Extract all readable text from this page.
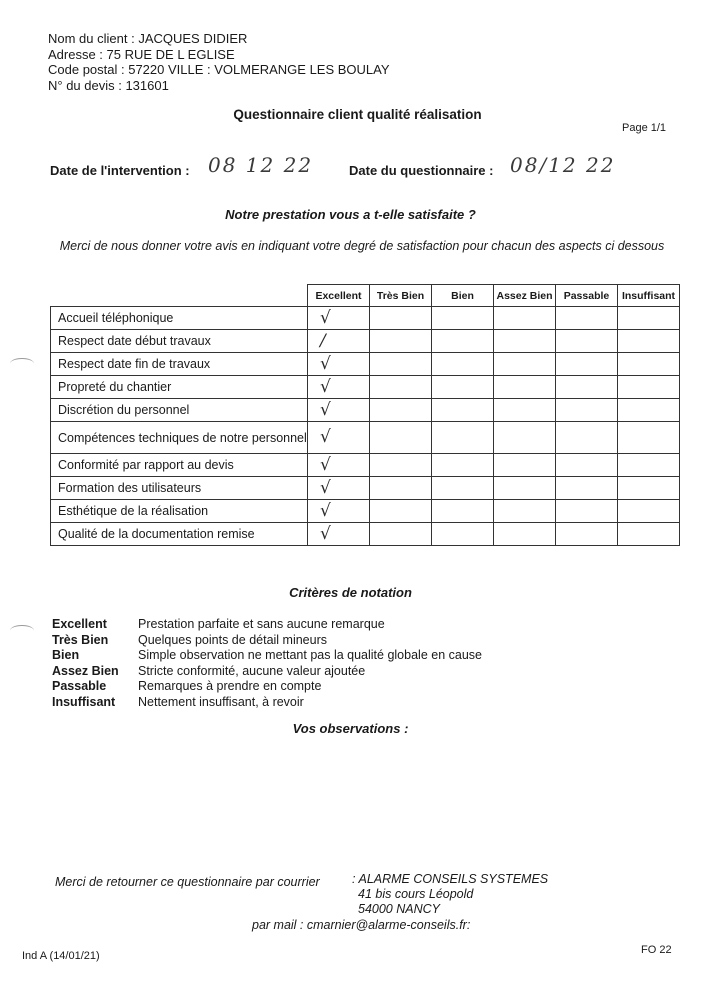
Nom du client : JACQUES DIDIER
Adresse : 75 RUE DE L EGLISE
Code postal : 57220 VILLE : VOLMERANGE LES BOULAY
N° du devis : 131601
Questionnaire client qualité réalisation
Page 1/1
Date de l'intervention : 08 12 22	Date du questionnaire : 08/12 22
Notre prestation vous a t-elle satisfaite ?
Merci de nous donner votre avis en indiquant votre degré de satisfaction pour chacun des aspects ci dessous
	Excellent	Très Bien	Bien	Assez Bien	Passable	Insuffisant
Accueil téléphonique	√					

Respect date début travaux	/					

Respect date fin de travaux	√					

Propreté du chantier	√					

Discrétion du personnel	√					

Compétences techniques de notre personnel	√					

Conformité par rapport au devis	√					

Formation des utilisateurs	√					

Esthétique de la réalisation	√					

Qualité de la documentation remise	√					

Critères de notation
Excellent	Prestation parfaite et sans aucune remarque
Très Bien	Quelques points de détail mineurs
Bien	Simple observation ne mettant pas la qualité globale en cause
Assez Bien	Stricte conformité, aucune valeur ajoutée
Passable	Remarques à prendre en compte
Insuffisant	Nettement insuffisant, à revoir
Vos observations :
Merci de retourner ce questionnaire par courrier	: ALARME CONSEILS SYSTEMES
41 bis cours Léopold
54000 NANCY
par mail : cmarnier@alarme-conseils.fr:
Ind A (14/01/21)	FO 22
